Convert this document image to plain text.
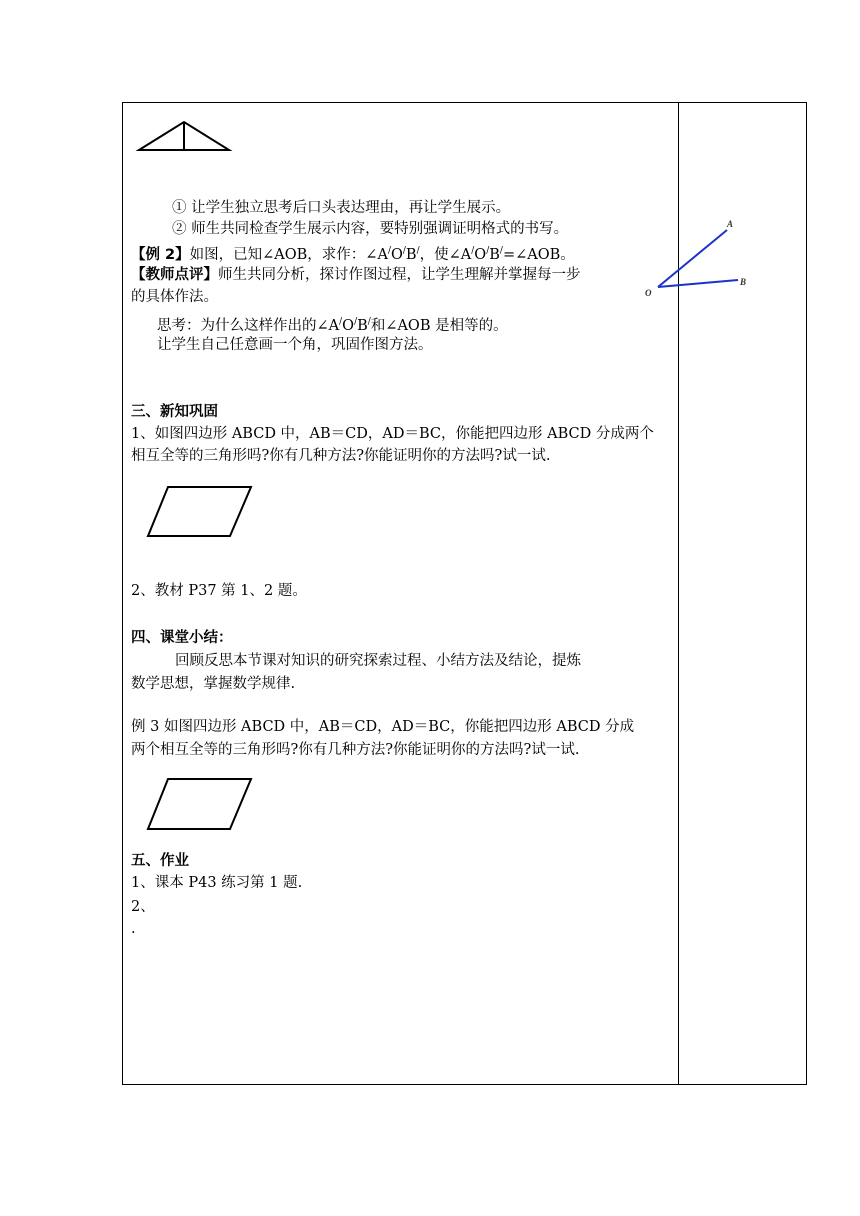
① 让学生独立思考后口头表达理由，再让学生展示。
② 师生共同检查学生展示内容，要特别强调证明格式的书写。
【例 2】如图，已知∠AOB，求作：∠A/O/B/，使∠A/O/B/=∠AOB。
【教师点评】师生共同分析，探讨作图过程，让学生理解并掌握每一步
的具体作法。
思考：为什么这样作出的∠A/O/B/和∠AOB 是相等的。
让学生自己任意画一个角，巩固作图方法。
A
B
O
三、新知巩固
1、如图四边形 ABCD 中，AB＝CD，AD＝BC，你能把四边形 ABCD 分成两个
相互全等的三角形吗?你有几种方法?你能证明你的方法吗?试一试.
2、教材 P37 第 1、2 题。
四、课堂小结：
回顾反思本节课对知识的研究探索过程、小结方法及结论，提炼
数学思想，掌握数学规律.
例 3 如图四边形 ABCD 中，AB＝CD，AD＝BC，你能把四边形 ABCD 分成
两个相互全等的三角形吗?你有几种方法?你能证明你的方法吗?试一试.
五、作业
1、课本 P43 练习第 1 题.
2、
.
